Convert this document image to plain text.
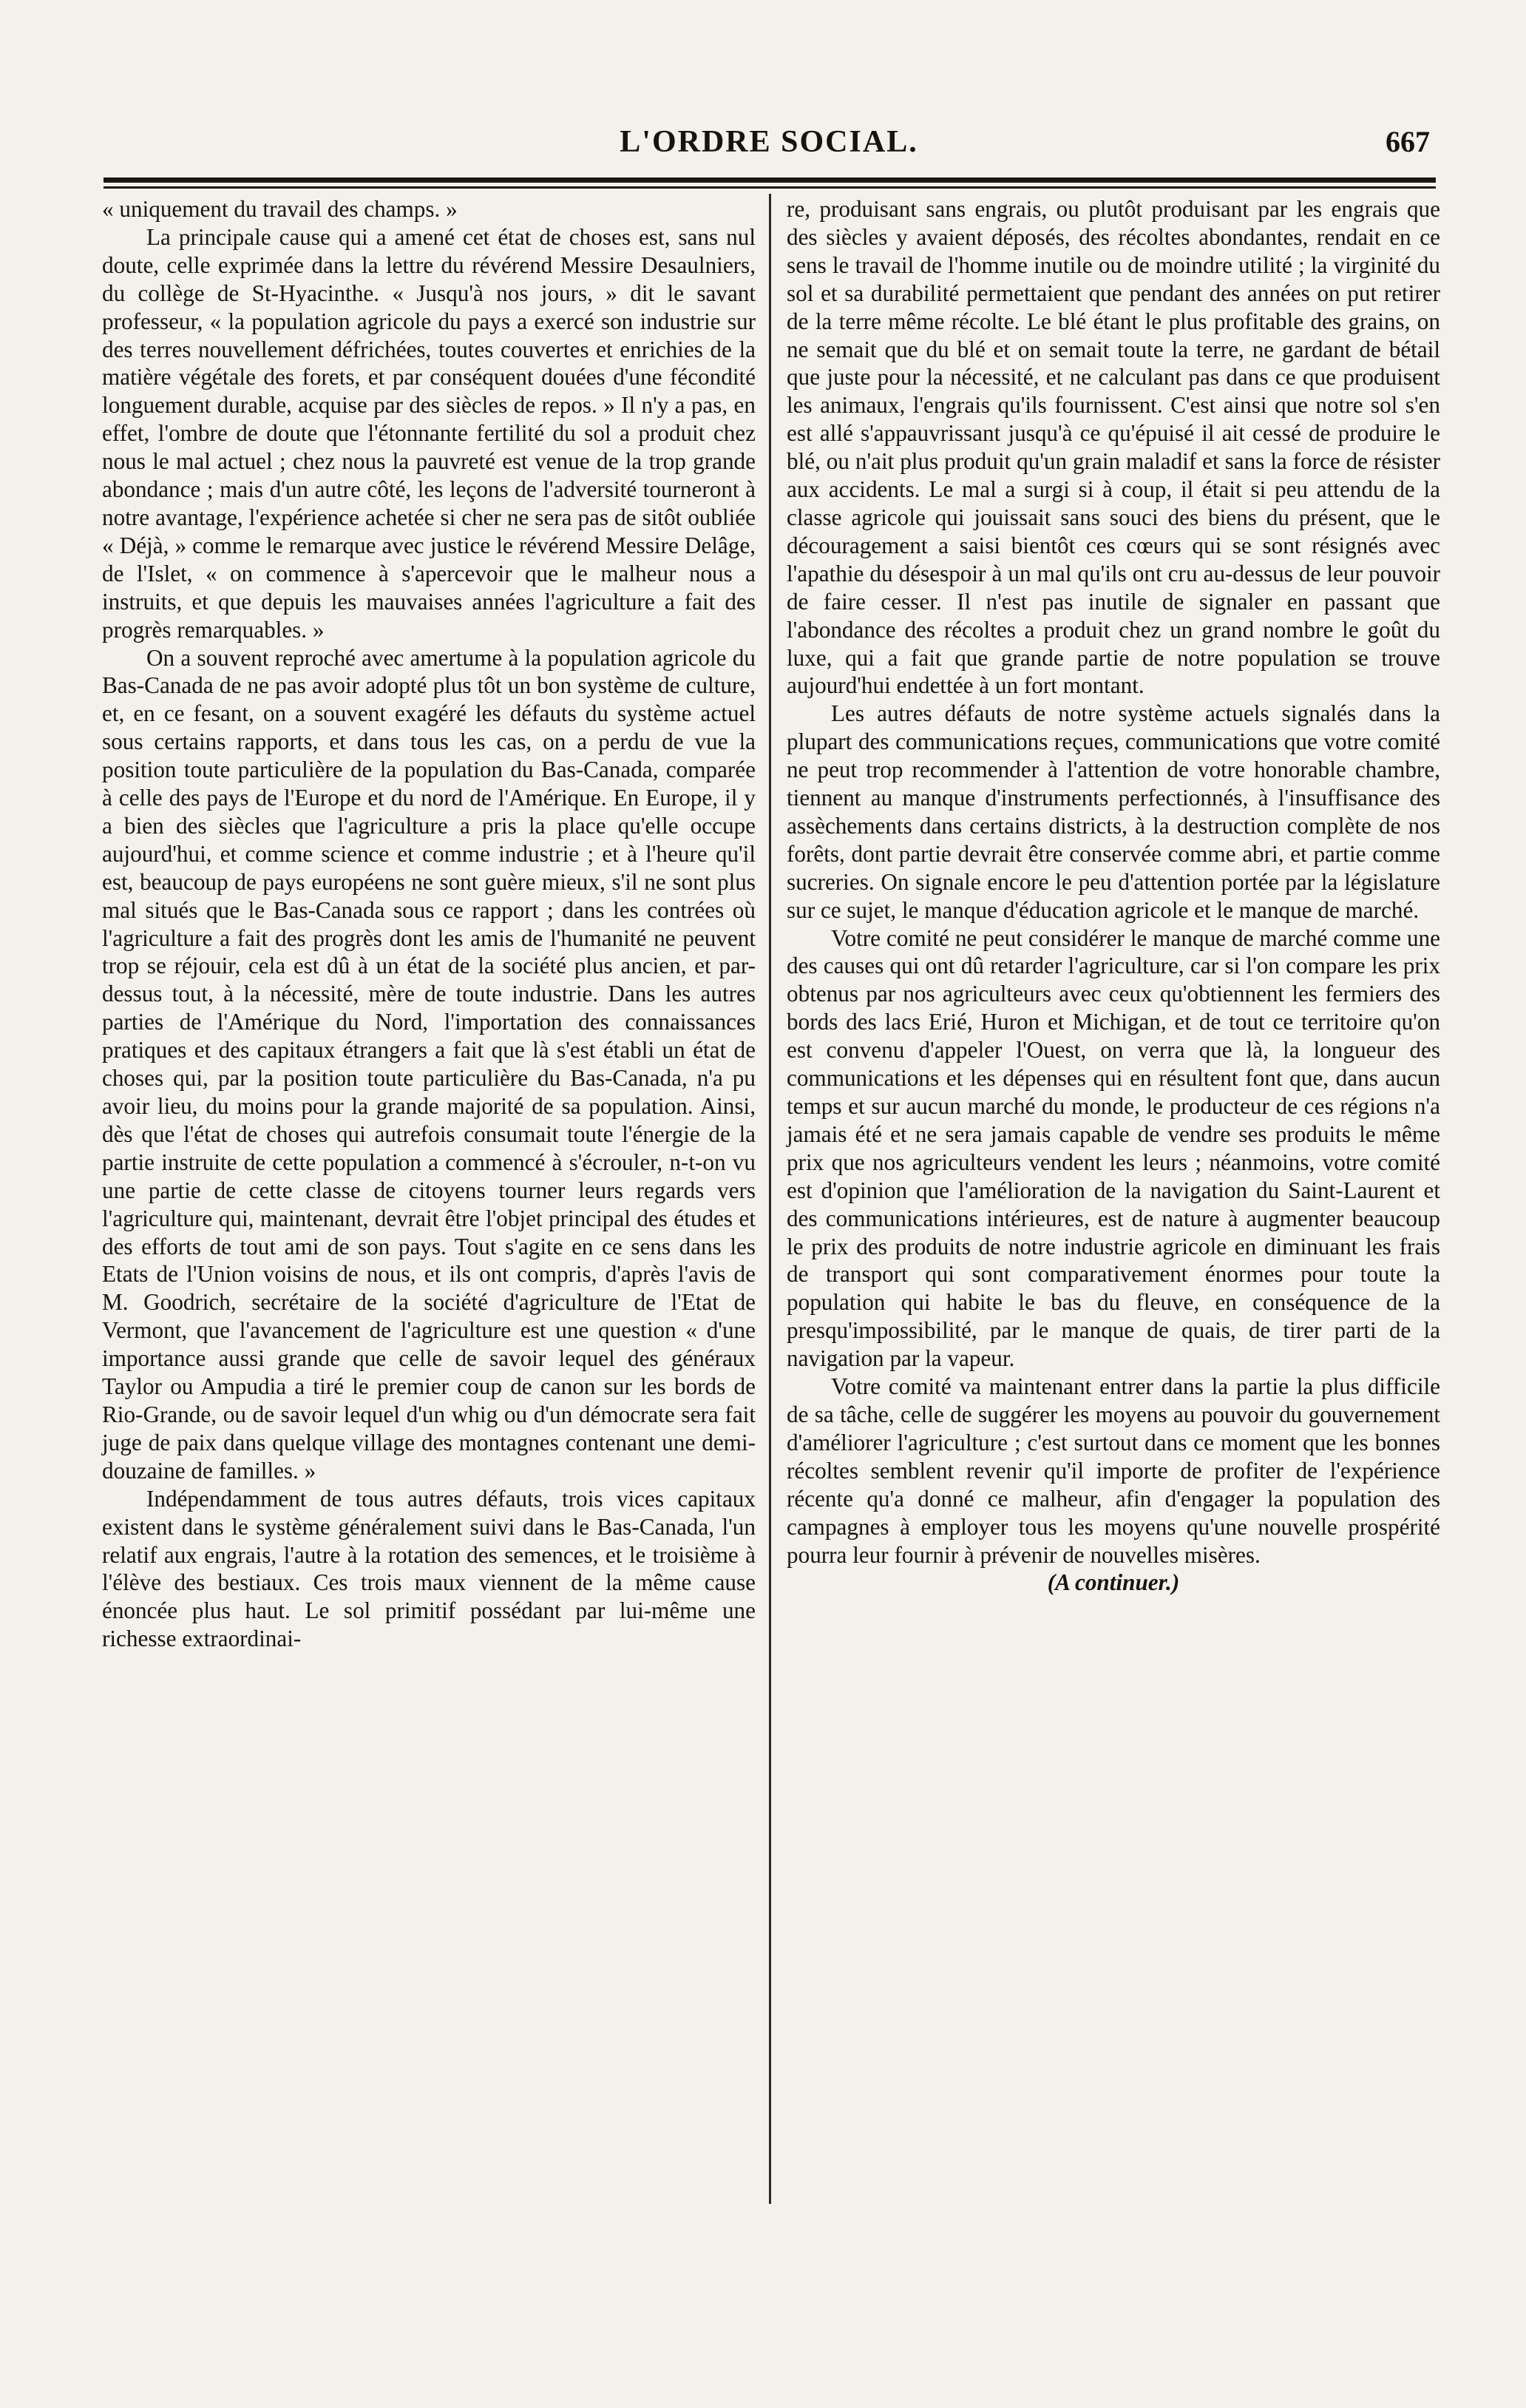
L'ORDRE SOCIAL.	667

« uniquement du travail des champs. »

La principale cause qui a amené cet état de choses est, sans nul doute, celle exprimée dans la lettre du révérend Messire Desaulniers, du collège de St-Hyacinthe. « Jusqu'à nos jours, » dit le savant professeur, « la population agricole du pays a exercé son industrie sur des terres nouvellement défrichées, toutes couvertes et enrichies de la matière végétale des forets, et par conséquent douées d'une fécondité longuement durable, acquise par des siècles de repos. » Il n'y a pas, en effet, l'ombre de doute que l'étonnante fertilité du sol a produit chez nous le mal actuel ; chez nous la pauvreté est venue de la trop grande abondance ; mais d'un autre côté, les leçons de l'adversité tourneront à notre avantage, l'expérience achetée si cher ne sera pas de sitôt oubliée « Déjà, » comme le remarque avec justice le révérend Messire Delâge, de l'Islet, « on commence à s'apercevoir que le malheur nous a instruits, et que depuis les mauvaises années l'agriculture a fait des progrès remarquables. »

On a souvent reproché avec amertume à la population agricole du Bas-Canada de ne pas avoir adopté plus tôt un bon système de culture, et, en ce fesant, on a souvent exagéré les défauts du système actuel sous certains rapports, et dans tous les cas, on a perdu de vue la position toute particulière de la population du Bas-Canada, comparée à celle des pays de l'Europe et du nord de l'Amérique. En Europe, il y a bien des siècles que l'agriculture a pris la place qu'elle occupe aujourd'hui, et comme science et comme industrie ; et à l'heure qu'il est, beaucoup de pays européens ne sont guère mieux, s'il ne sont plus mal situés que le Bas-Canada sous ce rapport ; dans les contrées où l'agriculture a fait des progrès dont les amis de l'humanité ne peuvent trop se réjouir, cela est dû à un état de la société plus ancien, et par-dessus tout, à la nécessité, mère de toute industrie. Dans les autres parties de l'Amérique du Nord, l'importation des connaissances pratiques et des capitaux étrangers a fait que là s'est établi un état de choses qui, par la position toute particulière du Bas-Canada, n'a pu avoir lieu, du moins pour la grande majorité de sa population. Ainsi, dès que l'état de choses qui autrefois consumait toute l'énergie de la partie instruite de cette population a commencé à s'écrouler, n-t-on vu une partie de cette classe de citoyens tourner leurs regards vers l'agriculture qui, maintenant, devrait être l'objet principal des études et des efforts de tout ami de son pays. Tout s'agite en ce sens dans les Etats de l'Union voisins de nous, et ils ont compris, d'après l'avis de M. Goodrich, secrétaire de la société d'agriculture de l'Etat de Vermont, que l'avancement de l'agriculture est une question « d'une importance aussi grande que celle de savoir lequel des généraux Taylor ou Ampudia a tiré le premier coup de canon sur les bords de Rio-Grande, ou de savoir lequel d'un whig ou d'un démocrate sera fait juge de paix dans quelque village des montagnes contenant une demi-douzaine de familles. »

Indépendamment de tous autres défauts, trois vices capitaux existent dans le système généralement suivi dans le Bas-Canada, l'un relatif aux engrais, l'autre à la rotation des semences, et le troisième à l'élève des bestiaux. Ces trois maux viennent de la même cause énoncée plus haut. Le sol primitif possédant par lui-même une richesse extraordinai-

re, produisant sans engrais, ou plutôt produisant par les engrais que des siècles y avaient déposés, des récoltes abondantes, rendait en ce sens le travail de l'homme inutile ou de moindre utilité ; la virginité du sol et sa durabilité permettaient que pendant des années on put retirer de la terre même récolte. Le blé étant le plus profitable des grains, on ne semait que du blé et on semait toute la terre, ne gardant de bétail que juste pour la nécessité, et ne calculant pas dans ce que produisent les animaux, l'engrais qu'ils fournissent. C'est ainsi que notre sol s'en est allé s'appauvrissant jusqu'à ce qu'épuisé il ait cessé de produire le blé, ou n'ait plus produit qu'un grain maladif et sans la force de résister aux accidents. Le mal a surgi si à coup, il était si peu attendu de la classe agricole qui jouissait sans souci des biens du présent, que le découragement a saisi bientôt ces cœurs qui se sont résignés avec l'apathie du désespoir à un mal qu'ils ont cru au-dessus de leur pouvoir de faire cesser. Il n'est pas inutile de signaler en passant que l'abondance des récoltes a produit chez un grand nombre le goût du luxe, qui a fait que grande partie de notre population se trouve aujourd'hui endettée à un fort montant.

Les autres défauts de notre système actuels signalés dans la plupart des communications reçues, communications que votre comité ne peut trop recommender à l'attention de votre honorable chambre, tiennent au manque d'instruments perfectionnés, à l'insuffisance des assèchements dans certains districts, à la destruction complète de nos forêts, dont partie devrait être conservée comme abri, et partie comme sucreries. On signale encore le peu d'attention portée par la législature sur ce sujet, le manque d'éducation agricole et le manque de marché.

Votre comité ne peut considérer le manque de marché comme une des causes qui ont dû retarder l'agriculture, car si l'on compare les prix obtenus par nos agriculteurs avec ceux qu'obtiennent les fermiers des bords des lacs Erié, Huron et Michigan, et de tout ce territoire qu'on est convenu d'appeler l'Ouest, on verra que là, la longueur des communications et les dépenses qui en résultent font que, dans aucun temps et sur aucun marché du monde, le producteur de ces régions n'a jamais été et ne sera jamais capable de vendre ses produits le même prix que nos agriculteurs vendent les leurs ; néanmoins, votre comité est d'opinion que l'amélioration de la navigation du Saint-Laurent et des communications intérieures, est de nature à augmenter beaucoup le prix des produits de notre industrie agricole en diminuant les frais de transport qui sont comparativement énormes pour toute la population qui habite le bas du fleuve, en conséquence de la presqu'impossibilité, par le manque de quais, de tirer parti de la navigation par la vapeur.

Votre comité va maintenant entrer dans la partie la plus difficile de sa tâche, celle de suggérer les moyens au pouvoir du gouvernement d'améliorer l'agriculture ; c'est surtout dans ce moment que les bonnes récoltes semblent revenir qu'il importe de profiter de l'expérience récente qu'a donné ce malheur, afin d'engager la population des campagnes à employer tous les moyens qu'une nouvelle prospérité pourra leur fournir à prévenir de nouvelles misères.

(A continuer.)
